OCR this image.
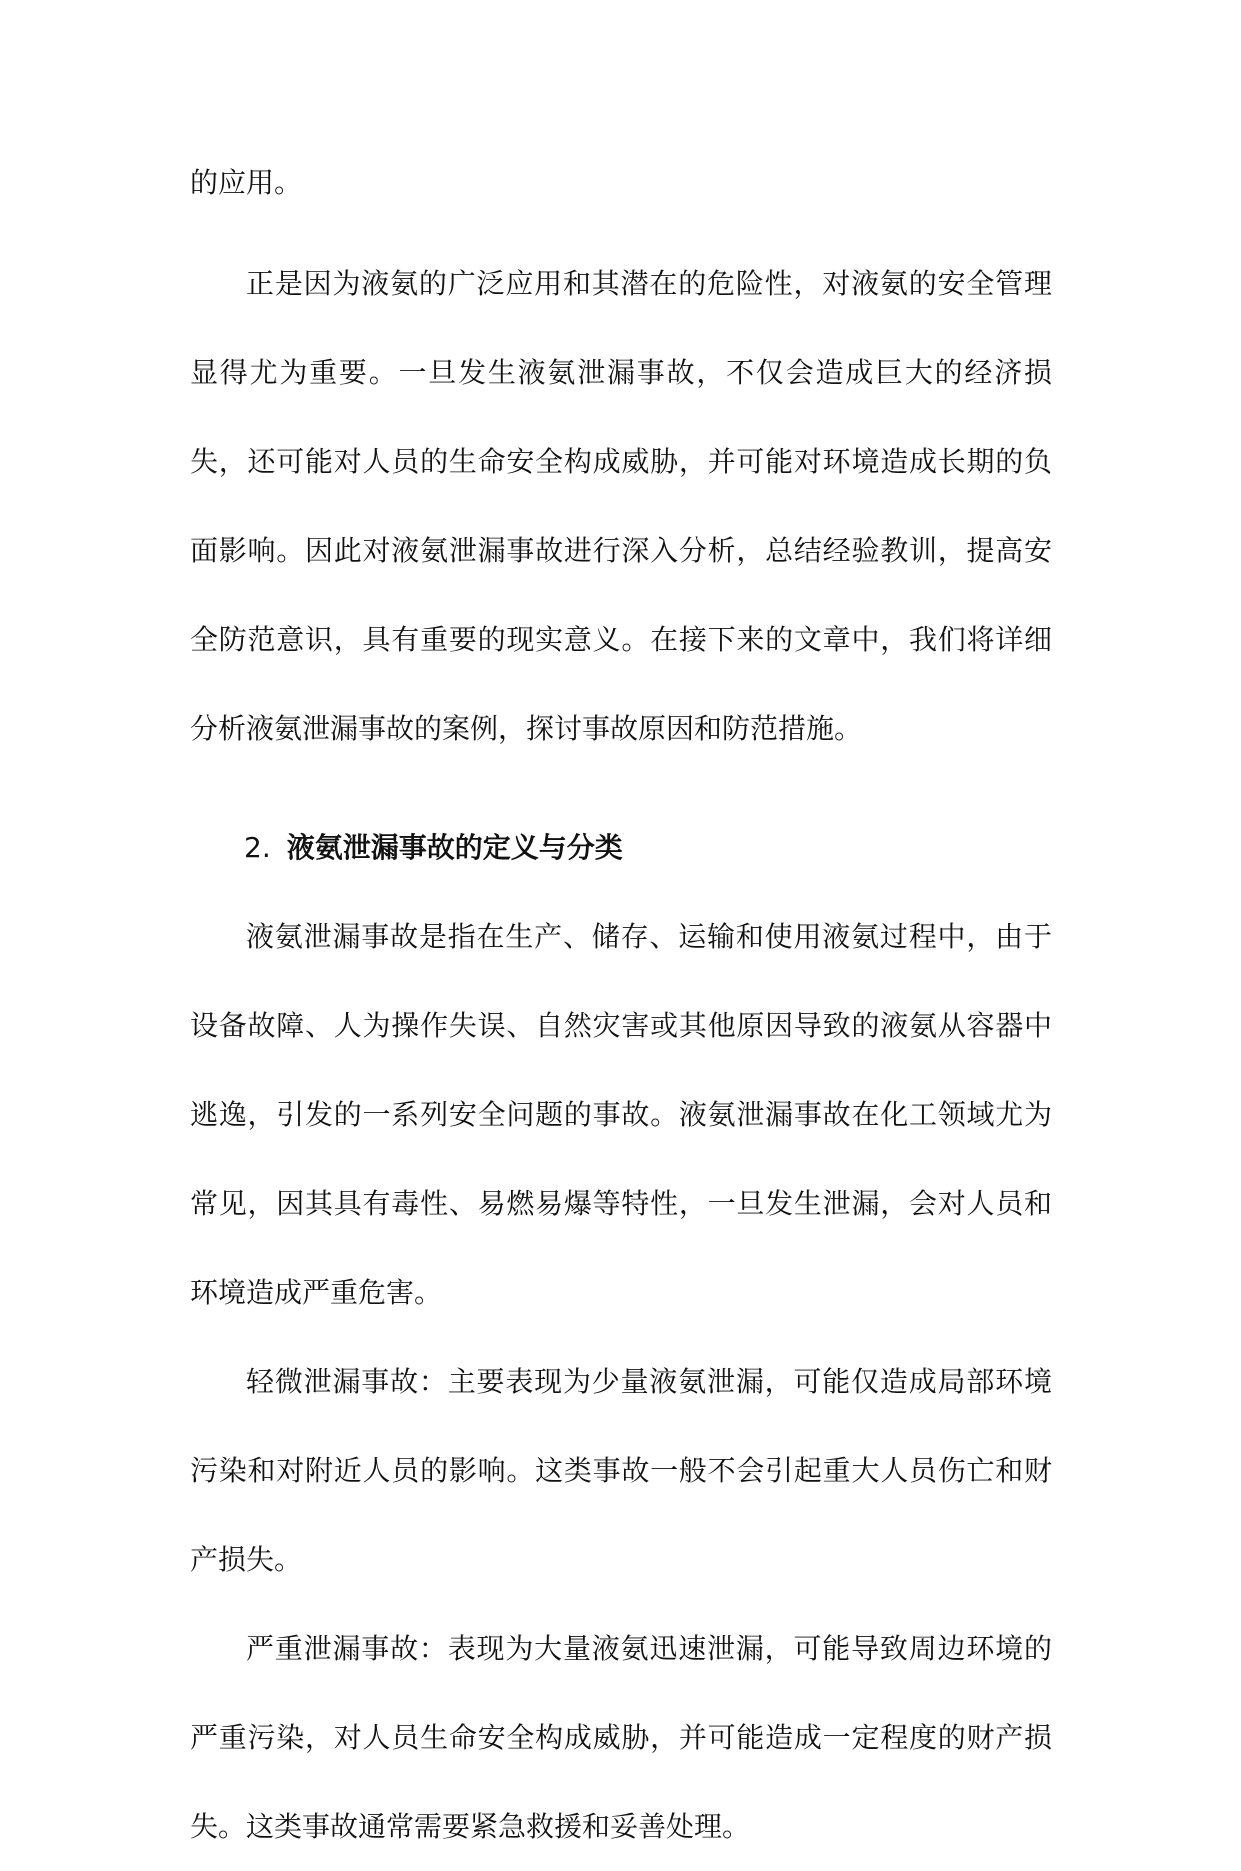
的应用。

正是因为液氨的广泛应用和其潜在的危险性，对液氨的安全管理显得尤为重要。一旦发生液氨泄漏事故，不仅会造成巨大的经济损失，还可能对人员的生命安全构成威胁，并可能对环境造成长期的负面影响。因此对液氨泄漏事故进行深入分析，总结经验教训，提高安全防范意识，具有重要的现实意义。在接下来的文章中，我们将详细分析液氨泄漏事故的案例，探讨事故原因和防范措施。

2. 液氨泄漏事故的定义与分类

液氨泄漏事故是指在生产、储存、运输和使用液氨过程中，由于设备故障、人为操作失误、自然灾害或其他原因导致的液氨从容器中逃逸，引发的一系列安全问题的事故。液氨泄漏事故在化工领域尤为常见，因其具有毒性、易燃易爆等特性，一旦发生泄漏，会对人员和环境造成严重危害。

轻微泄漏事故：主要表现为少量液氨泄漏，可能仅造成局部环境污染和对附近人员的影响。这类事故一般不会引起重大人员伤亡和财产损失。

严重泄漏事故：表现为大量液氨迅速泄漏，可能导致周边环境的严重污染，对人员生命安全构成威胁，并可能造成一定程度的财产损失。这类事故通常需要紧急救援和妥善处理。
